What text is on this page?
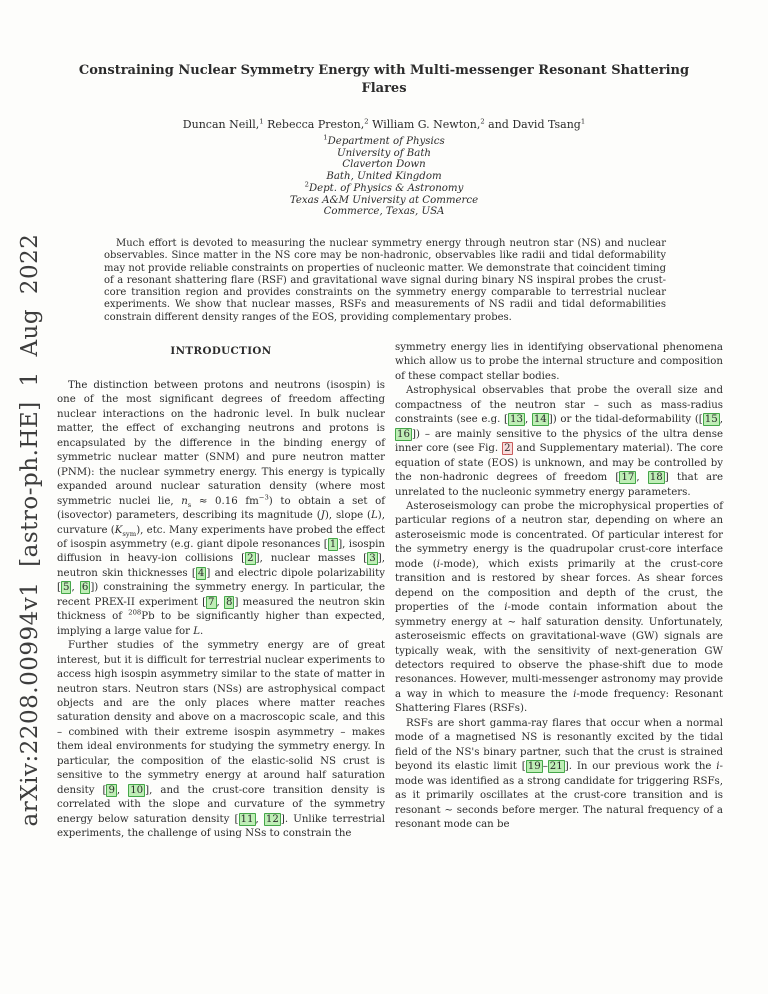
arXiv:2208.00994v1 [astro-ph.HE] 1 Aug 2022
Constraining Nuclear Symmetry Energy with Multi-messenger Resonant Shattering Flares
Duncan Neill,$^1$ Rebecca Preston,$^2$ William G. Newton,$^2$ and David Tsang$^1$
$^1$Department of Physics
University of Bath
Claverton Down
Bath, United Kingdom
$^2$Dept. of Physics & Astronomy
Texas A&M University at Commerce
Commerce, Texas, USA
Much effort is devoted to measuring the nuclear symmetry energy through neutron star (NS) and nuclear observables. Since matter in the NS core may be non-hadronic, observables like radii and tidal deformability may not provide reliable constraints on properties of nucleonic matter. We demonstrate that coincident timing of a resonant shattering flare (RSF) and gravitational wave signal during binary NS inspiral probes the crust-core transition region and provides constraints on the symmetry energy comparable to terrestrial nuclear experiments. We show that nuclear masses, RSFs and measurements of NS radii and tidal deformabilities constrain different density ranges of the EOS, providing complementary probes.
INTRODUCTION

The distinction between protons and neutrons (isospin) is one of the most significant degrees of freedom affecting nuclear interactions on the hadronic level. In bulk nuclear matter, the effect of exchanging neutrons and protons is encapsulated by the difference in the binding energy of symmetric nuclear matter (SNM) and pure neutron matter (PNM): the nuclear symmetry energy. This energy is typically expanded around nuclear saturation density (where most symmetric nuclei lie, $n_s \approx 0.16$ $fm^{-3}$) to obtain a set of (isovector) parameters, describing its magnitude (J), slope (L), curvature $(K_{sym})$, etc. Many experiments have probed the effect of isospin asymmetry (e.g. giant dipole resonances [ 1 ], isospin diffusion in heavy-ion collisions [ 2 ], nuclear masses [ 3 ], neutron skin thicknesses [ 4 ] and electric dipole polarizability [ 5 , 6 ]) constraining the symmetry energy. In particular, the recent PREX-II experiment [ 7 , 8 ] measured the neutron skin thickness of $^{208}$Pb to be significantly higher than expected, implying a large value for L.

Further studies of the symmetry energy are of great interest, but it is difficult for terrestrial nuclear experiments to access high isospin asymmetry similar to the state of matter in neutron stars. Neutron stars (NSs) are astrophysical compact objects and are the only places where matter reaches saturation density and above on a macroscopic scale, and this – combined with their extreme isospin asymmetry – makes them ideal environments for studying the symmetry energy. In particular, the composition of the elastic-solid NS crust is sensitive to the symmetry energy at around half saturation density [ 9 , 10 ], and the crust-core transition density is correlated with the slope and curvature of the symmetry energy below saturation density [ 11 , 12 ]. Unlike terrestrial experiments, the challenge of using NSs to constrain the

symmetry energy lies in identifying observational phenomena which allow us to probe the internal structure and composition of these compact stellar bodies.

Astrophysical observables that probe the overall size and compactness of the neutron star – such as mass-radius constraints (see e.g. [ 13 , 14 ]) or the tidal-deformability ([ 15 , 16 ]) – are mainly sensitive to the physics of the ultra dense inner core (see Fig. 2 and Supplementary material). The core equation of state (EOS) is unknown, and may be controlled by the non-hadronic degrees of freedom [ 17 , 18 ] that are unrelated to the nucleonic symmetry energy parameters.

Asteroseismology can probe the microphysical properties of particular regions of a neutron star, depending on where an asteroseismic mode is concentrated. Of particular interest for the symmetry energy is the quadrupolar crust-core interface mode (i-mode), which exists primarily at the crust-core transition and is restored by shear forces. As shear forces depend on the composition and depth of the crust, the properties of the i-mode contain information about the symmetry energy at ∼ half saturation density. Unfortunately, asteroseismic effects on gravitational-wave (GW) signals are typically weak, with the sensitivity of next-generation GW detectors required to observe the phase-shift due to mode resonances. However, multi-messenger astronomy may provide a way in which to measure the i-mode frequency: Resonant Shattering Flares (RSFs).

RSFs are short gamma-ray flares that occur when a normal mode of a magnetised NS is resonantly excited by the tidal field of the NS's binary partner, such that the crust is strained beyond its elastic limit [ 19 – 21 ]. In our previous work the i-mode was identified as a strong candidate for triggering RSFs, as it primarily oscillates at the crust-core transition and is resonant ∼ seconds before merger. The natural frequency of a resonant mode can be
